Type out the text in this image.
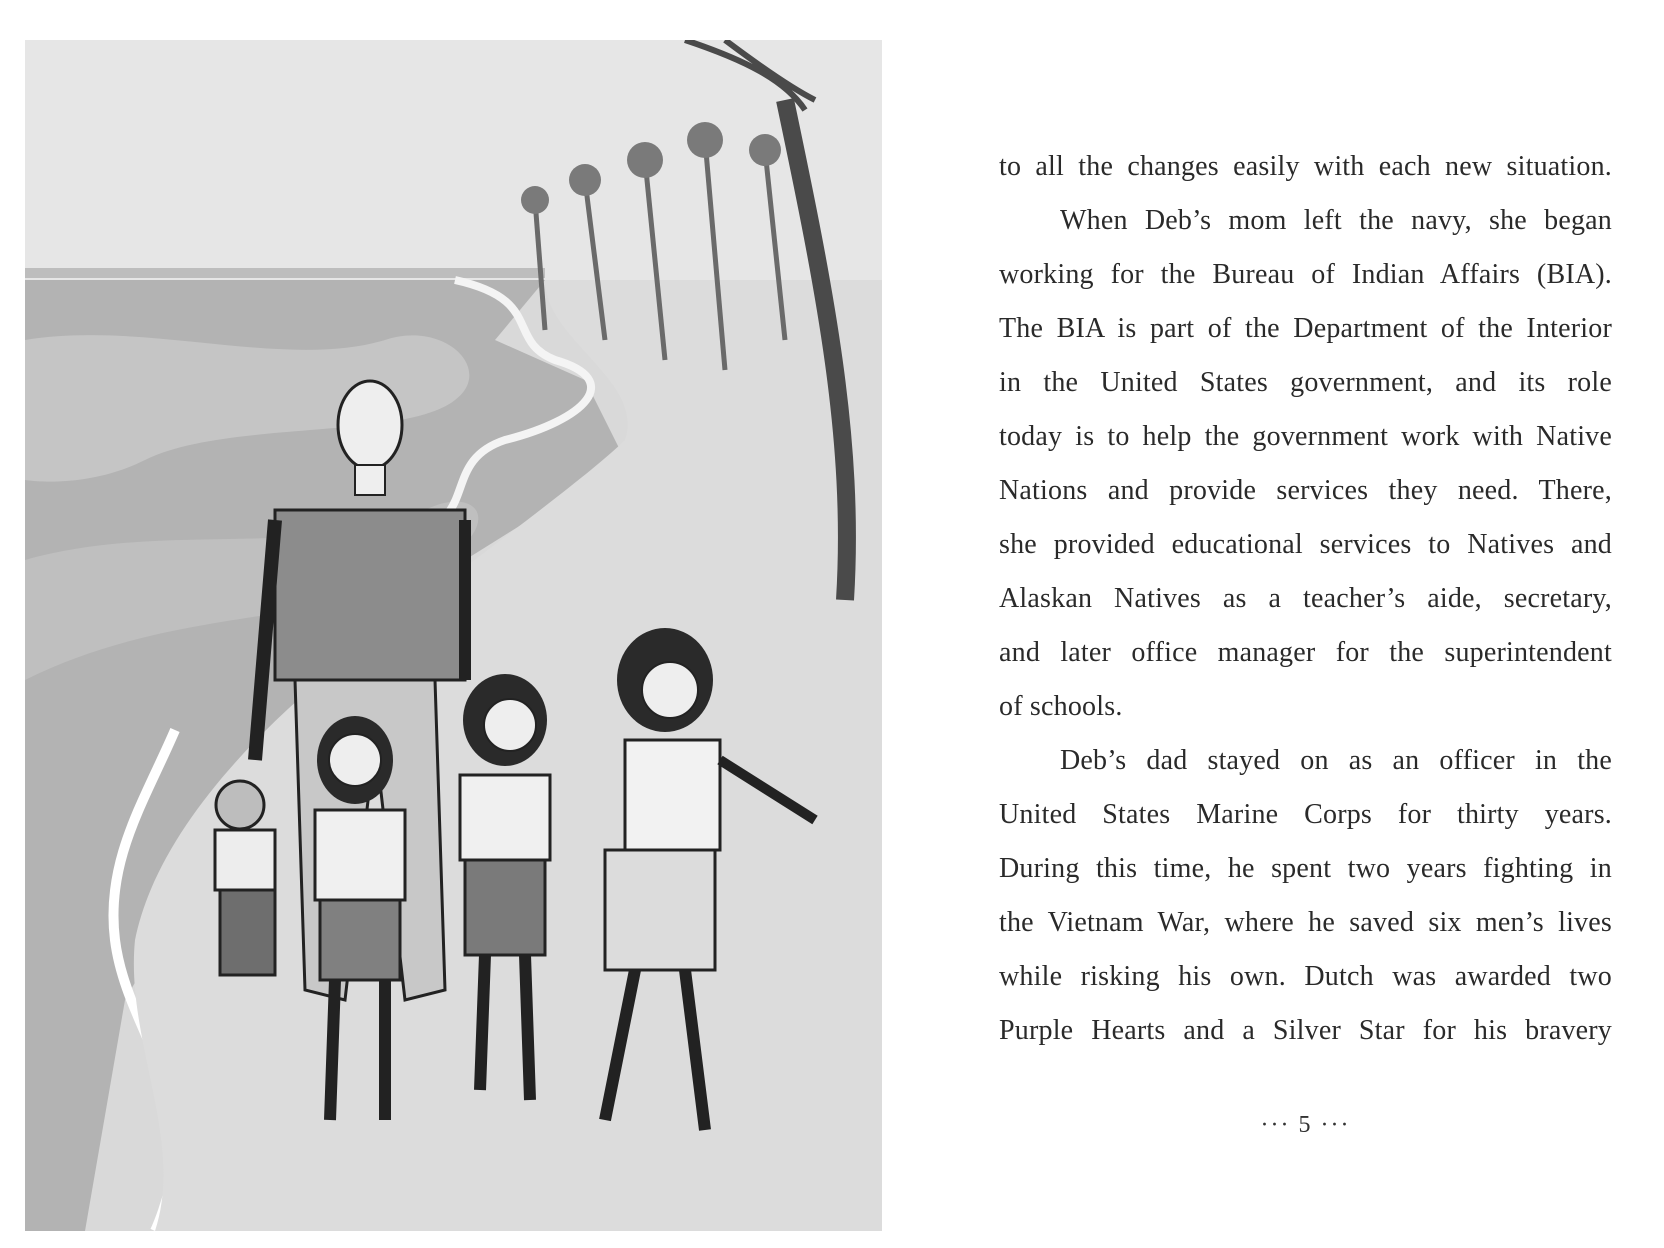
to all the changes easily with each new situation.
When Deb’s mom left the navy, she began
working for the Bureau of Indian Affairs (BIA).
The BIA is part of the Department of the Interior
in the United States government, and its role
today is to help the government work with Native
Nations and provide services they need. There,
she provided educational services to Natives and
Alaskan Natives as a teacher’s aide, secretary,
and later office manager for the superintendent
of schools.
Deb’s dad stayed on as an officer in the
United States Marine Corps for thirty years.
During this time, he spent two years fighting in
the Vietnam War, where he saved six men’s lives
while risking his own. Dutch was awarded two
Purple Hearts and a Silver Star for his bravery
··· 5 ···
